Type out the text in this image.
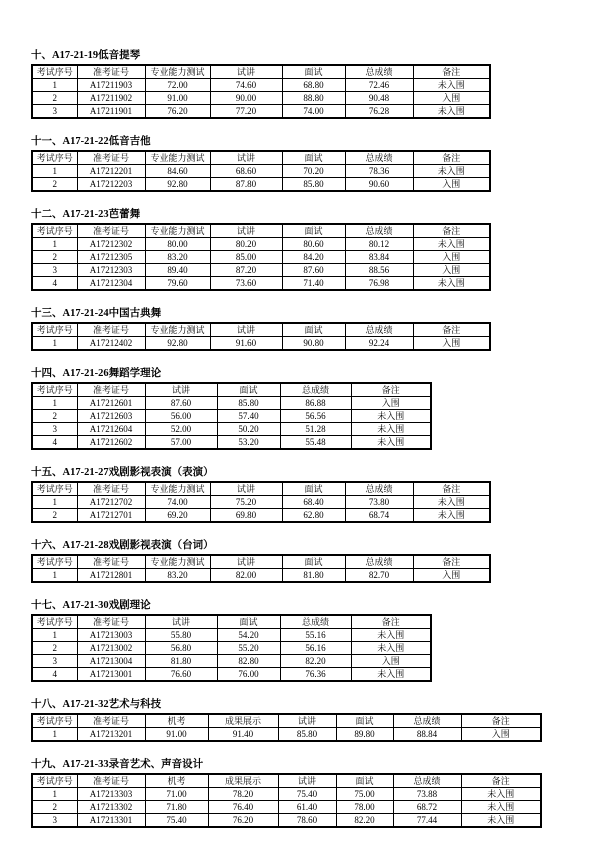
十、A17-21-19低音提琴
考试序号	准考证号	专业能力测试	试讲	面试	总成绩	备注
1	A17211903	72.00	74.60	68.80	72.46	未入围
2	A17211902	91.00	90.00	88.80	90.48	入围
3	A17211901	76.20	77.20	74.00	76.28	未入围
十一、A17-21-22低音吉他
考试序号	准考证号	专业能力测试	试讲	面试	总成绩	备注
1	A17212201	84.60	68.60	70.20	78.36	未入围
2	A17212203	92.80	87.80	85.80	90.60	入围
十二、A17-21-23芭蕾舞
考试序号	准考证号	专业能力测试	试讲	面试	总成绩	备注
1	A17212302	80.00	80.20	80.60	80.12	未入围
2	A17212305	83.20	85.00	84.20	83.84	入围
3	A17212303	89.40	87.20	87.60	88.56	入围
4	A17212304	79.60	73.60	71.40	76.98	未入围
十三、A17-21-24中国古典舞
考试序号	准考证号	专业能力测试	试讲	面试	总成绩	备注
1	A17212402	92.80	91.60	90.80	92.24	入围
十四、A17-21-26舞蹈学理论
考试序号	准考证号	试讲	面试	总成绩	备注
1	A17212601	87.60	85.80	86.88	入围
2	A17212603	56.00	57.40	56.56	未入围
3	A17212604	52.00	50.20	51.28	未入围
4	A17212602	57.00	53.20	55.48	未入围
十五、A17-21-27戏剧影视表演（表演）
考试序号	准考证号	专业能力测试	试讲	面试	总成绩	备注
1	A17212702	74.00	75.20	68.40	73.80	未入围
2	A17212701	69.20	69.80	62.80	68.74	未入围
十六、A17-21-28戏剧影视表演（台词）
考试序号	准考证号	专业能力测试	试讲	面试	总成绩	备注
1	A17212801	83.20	82.00	81.80	82.70	入围
十七、A17-21-30戏剧理论
考试序号	准考证号	试讲	面试	总成绩	备注
1	A17213003	55.80	54.20	55.16	未入围
2	A17213002	56.80	55.20	56.16	未入围
3	A17213004	81.80	82.80	82.20	入围
4	A17213001	76.60	76.00	76.36	未入围
十八、A17-21-32艺术与科技
考试序号	准考证号	机考	成果展示	试讲	面试	总成绩	备注
1	A17213201	91.00	91.40	85.80	89.80	88.84	入围
十九、A17-21-33录音艺术、声音设计
考试序号	准考证号	机考	成果展示	试讲	面试	总成绩	备注
1	A17213303	71.00	78.20	75.40	75.00	73.88	未入围
2	A17213302	71.80	76.40	61.40	78.00	68.72	未入围
3	A17213301	75.40	76.20	78.60	82.20	77.44	未入围
